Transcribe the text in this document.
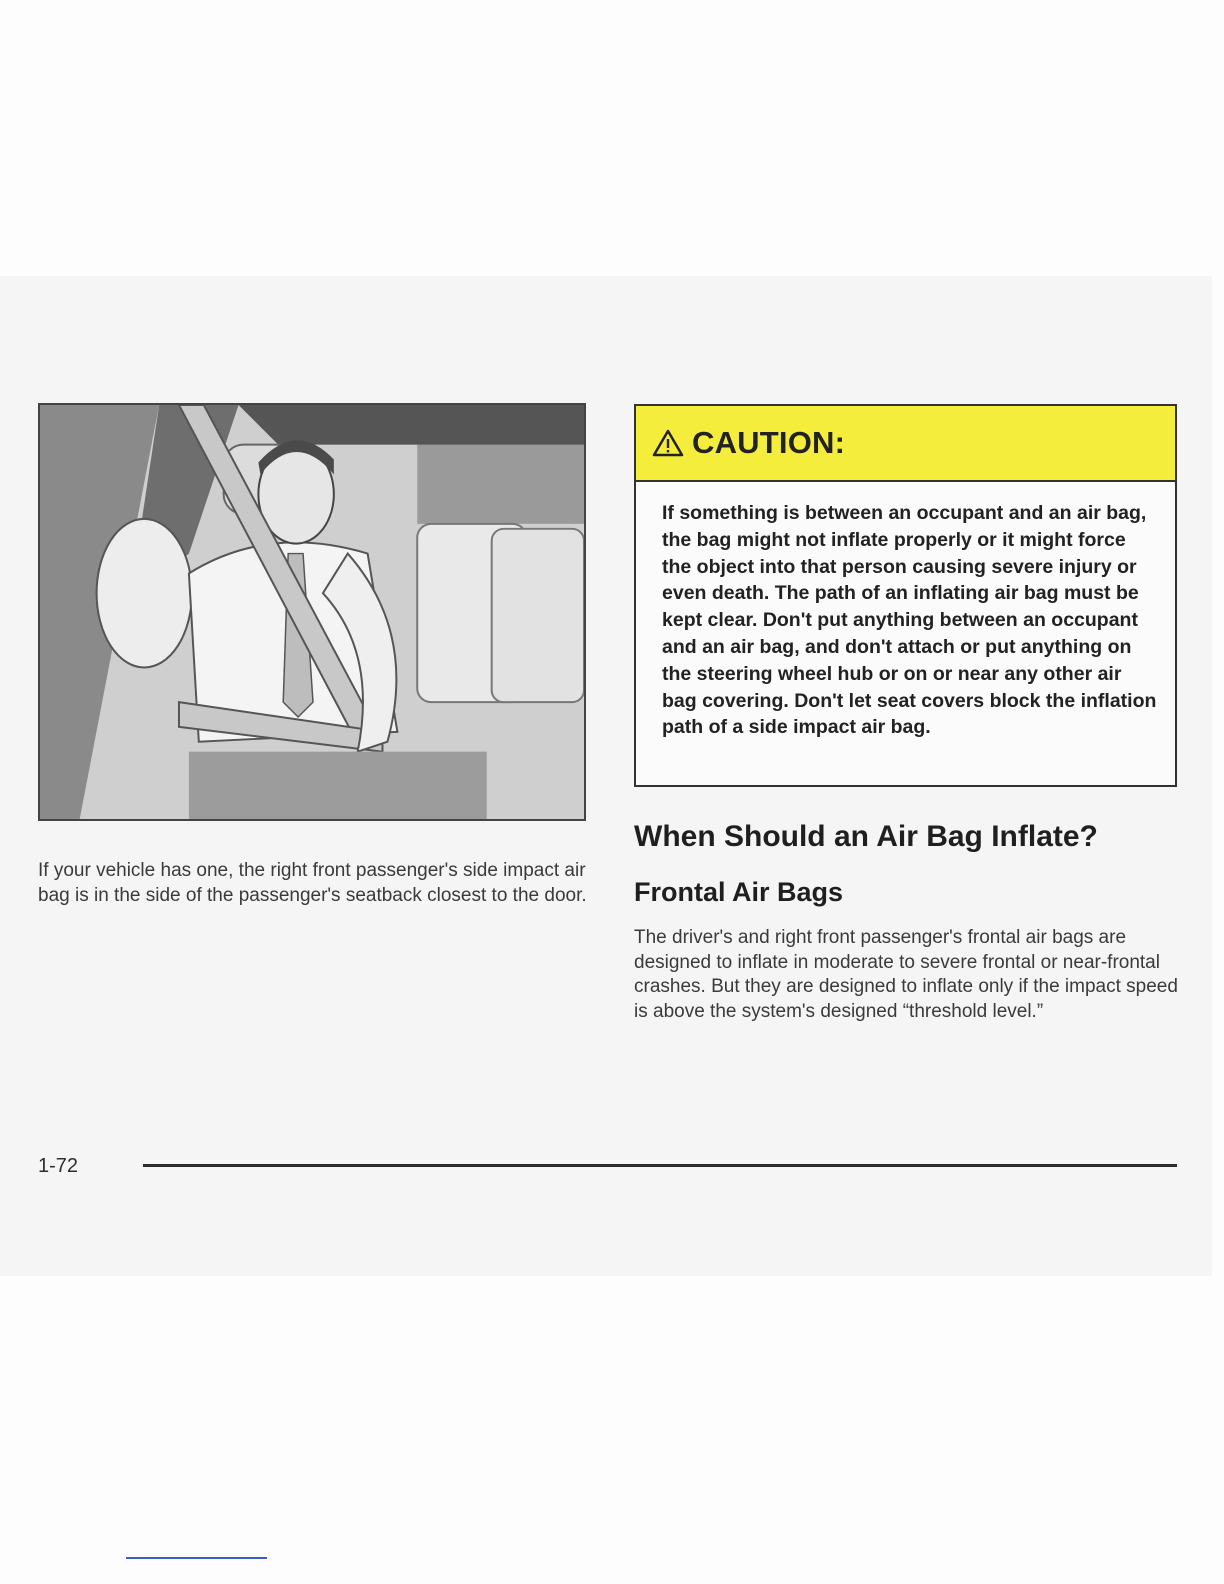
If your vehicle has one, the right front passenger's side impact air bag is in the side of the passenger's seatback closest to the door.

CAUTION:

If something is between an occupant and an air bag, the bag might not inflate properly or it might force the object into that person causing severe injury or even death. The path of an inflating air bag must be kept clear. Don't put anything between an occupant and an air bag, and don't attach or put anything on the steering wheel hub or on or near any other air bag covering. Don't let seat covers block the inflation path of a side impact air bag.

When Should an Air Bag Inflate?
Frontal Air Bags

The driver's and right front passenger's frontal air bags are designed to inflate in moderate to severe frontal or near-frontal crashes. But they are designed to inflate only if the impact speed is above the system's designed “threshold level.”

1-72
